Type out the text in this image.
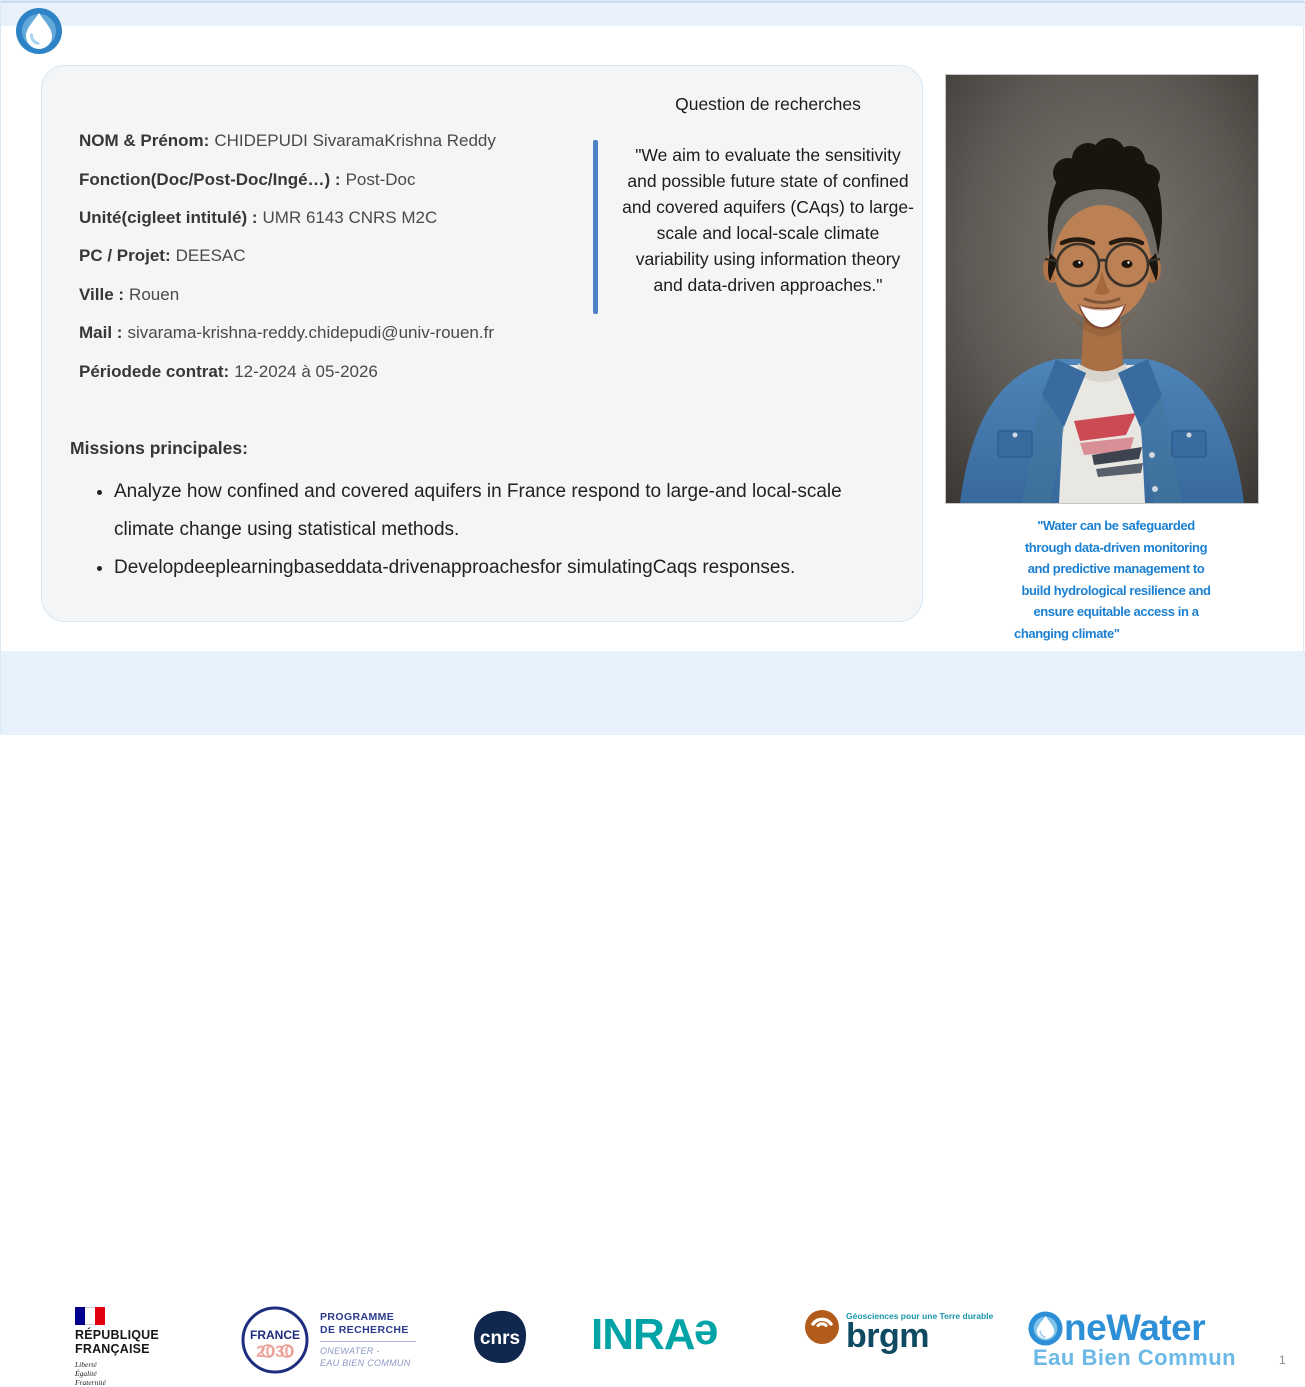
NOM & Prénom: CHIDEPUDI SivaramaKrishna Reddy
Fonction(Doc/Post-Doc/Ingé…) : Post-Doc
Unité(cigleet intitulé) : UMR 6143 CNRS M2C
PC / Projet: DEESAC
Ville : Rouen
Mail : sivarama-krishna-reddy.chidepudi@univ-rouen.fr
Périodede contrat: 12-2024 à 05-2026
Question de recherches
"We aim to evaluate the sensitivity and possible future state of confined and covered aquifers (CAqs) to large-scale and local-scale climate variability using information theory and data-driven approaches."
Missions principales:
• Analyze how confined and covered aquifers in France respond to large-and local-scale climate change using statistical methods.
• Developdeeplearningbaseddata-drivenapproachesfor simulatingCaqs responses.
"Water can be safeguarded
through data-driven monitoring
and predictive management to
build hydrological resilience and
ensure equitable access in a
changing climate"
RÉPUBLIQUE
FRANÇAISE
Liberté
Égalité
Fraternité
FRANCE
2030
PROGRAMME
DE RECHERCHE
ONEWATER -
EAU BIEN COMMUN
cnrs INRAe	Géosciences pour une Terre durable
brgm	neWater
Eau Bien Commun	1
